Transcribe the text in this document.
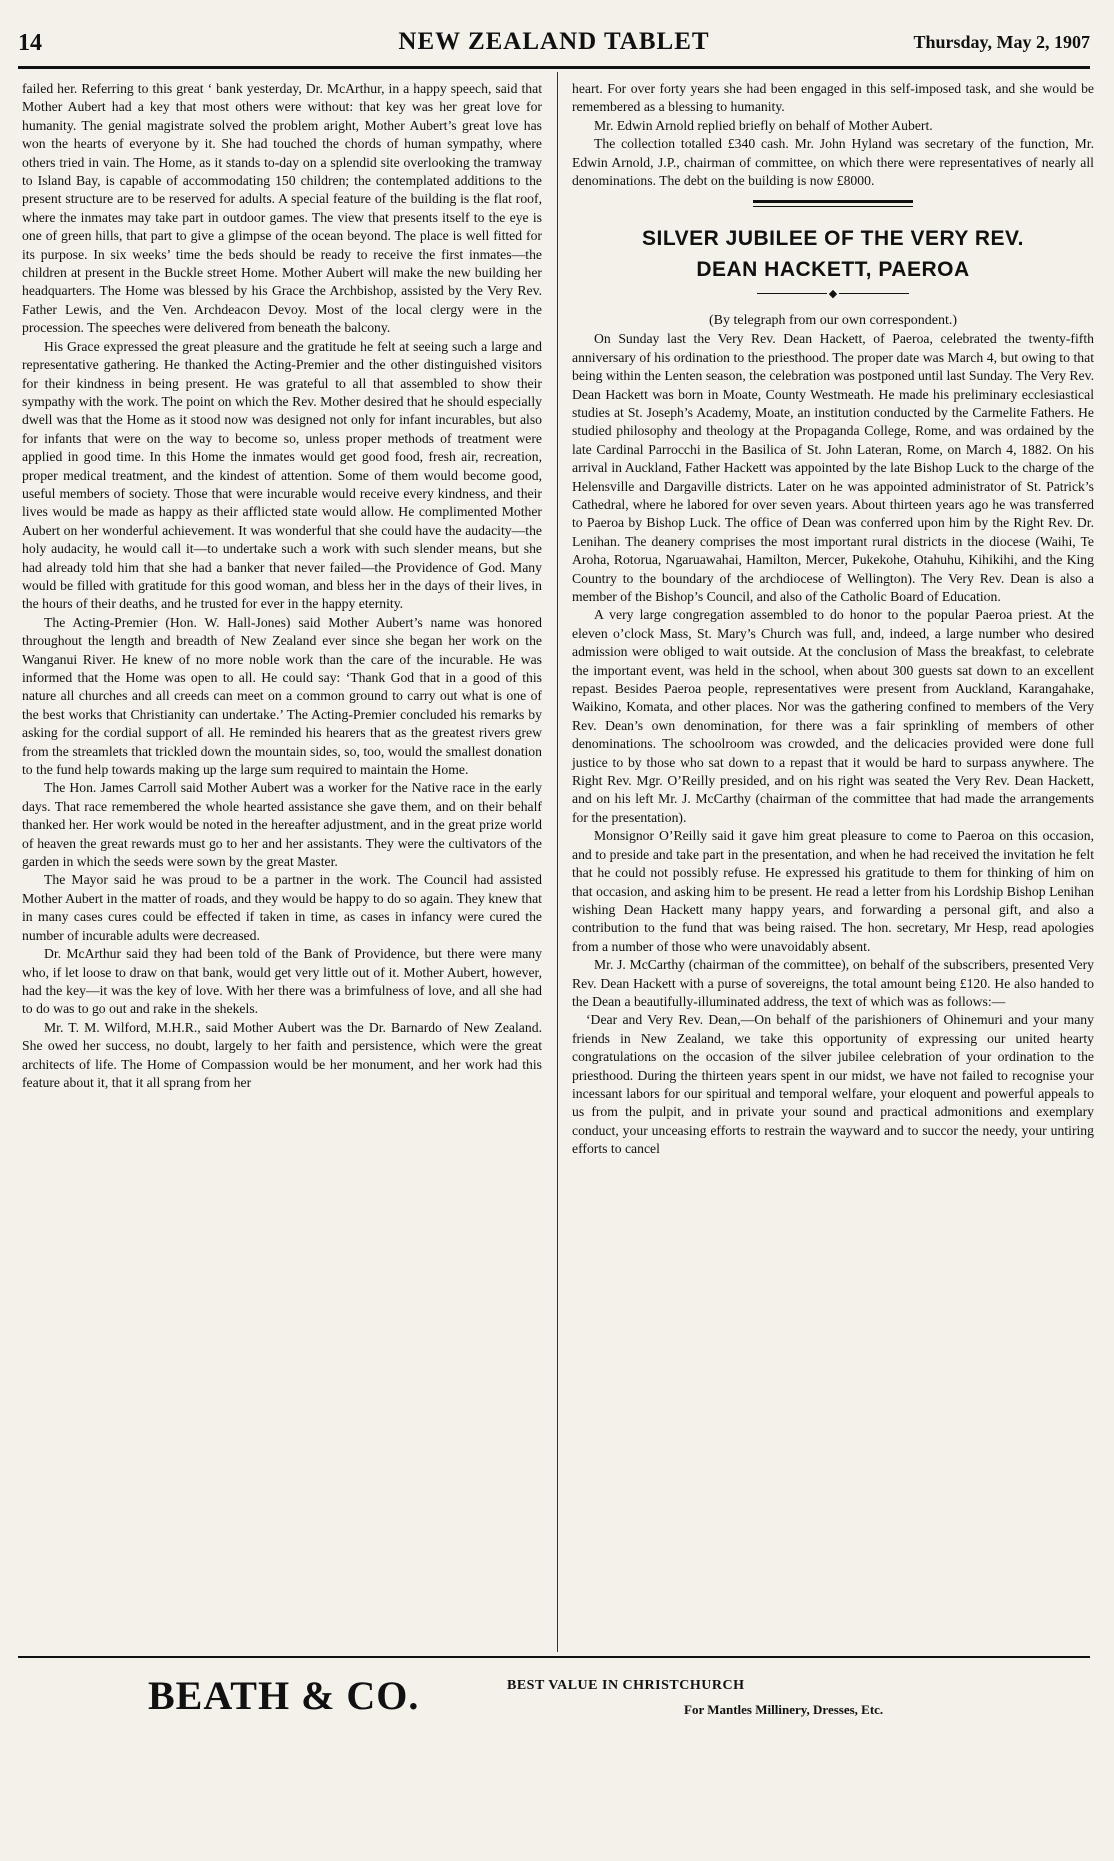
14	NEW ZEALAND TABLET	Thursday, May 2, 1907

failed her. Referring to this great ‘ bank yesterday, Dr. McArthur, in a happy speech, said that Mother Aubert had a key that most others were without: that key was her great love for humanity. The genial magistrate solved the problem aright, Mother Aubert’s great love has won the hearts of everyone by it. She had touched the chords of human sympathy, where others tried in vain. The Home, as it stands to-day on a splendid site overlooking the tramway to Island Bay, is capable of accommodating 150 children; the contemplated additions to the present structure are to be reserved for adults. A special feature of the building is the flat roof, where the inmates may take part in outdoor games. The view that presents itself to the eye is one of green hills, that part to give a glimpse of the ocean beyond. The place is well fitted for its purpose. In six weeks’ time the beds should be ready to receive the first inmates—the children at present in the Buckle street Home. Mother Aubert will make the new building her headquarters. The Home was blessed by his Grace the Archbishop, assisted by the Very Rev. Father Lewis, and the Ven. Archdeacon Devoy. Most of the local clergy were in the procession. The speeches were delivered from beneath the balcony.

His Grace expressed the great pleasure and the gratitude he felt at seeing such a large and representative gathering. He thanked the Acting-Premier and the other distinguished visitors for their kindness in being present. He was grateful to all that assembled to show their sympathy with the work. The point on which the Rev. Mother desired that he should especially dwell was that the Home as it stood now was designed not only for infant incurables, but also for infants that were on the way to become so, unless proper methods of treatment were applied in good time. In this Home the inmates would get good food, fresh air, recreation, proper medical treatment, and the kindest of attention. Some of them would become good, useful members of society. Those that were incurable would receive every kindness, and their lives would be made as happy as their afflicted state would allow. He complimented Mother Aubert on her wonderful achievement. It was wonderful that she could have the audacity—the holy audacity, he would call it—to undertake such a work with such slender means, but she had already told him that she had a banker that never failed—the Providence of God. Many would be filled with gratitude for this good woman, and bless her in the days of their lives, in the hours of their deaths, and he trusted for ever in the happy eternity.

The Acting-Premier (Hon. W. Hall-Jones) said Mother Aubert’s name was honored throughout the length and breadth of New Zealand ever since she began her work on the Wanganui River. He knew of no more noble work than the care of the incurable. He was informed that the Home was open to all. He could say: ‘Thank God that in a good of this nature all churches and all creeds can meet on a common ground to carry out what is one of the best works that Christianity can undertake.’ The Acting-Premier concluded his remarks by asking for the cordial support of all. He reminded his hearers that as the greatest rivers grew from the streamlets that trickled down the mountain sides, so, too, would the smallest donation to the fund help towards making up the large sum required to maintain the Home.

The Hon. James Carroll said Mother Aubert was a worker for the Native race in the early days. That race remembered the whole hearted assistance she gave them, and on their behalf thanked her. Her work would be noted in the hereafter adjustment, and in the great prize world of heaven the great rewards must go to her and her assistants. They were the cultivators of the garden in which the seeds were sown by the great Master.

The Mayor said he was proud to be a partner in the work. The Council had assisted Mother Aubert in the matter of roads, and they would be happy to do so again. They knew that in many cases cures could be effected if taken in time, as cases in infancy were cured the number of incurable adults were decreased.

Dr. McArthur said they had been told of the Bank of Providence, but there were many who, if let loose to draw on that bank, would get very little out of it. Mother Aubert, however, had the key—it was the key of love. With her there was a brimfulness of love, and all she had to do was to go out and rake in the shekels.

Mr. T. M. Wilford, M.H.R., said Mother Aubert was the Dr. Barnardo of New Zealand. She owed her success, no doubt, largely to her faith and persistence, which were the great architects of life. The Home of Compassion would be her monument, and her work had this feature about it, that it all sprang from her

heart. For over forty years she had been engaged in this self-imposed task, and she would be remembered as a blessing to humanity.

Mr. Edwin Arnold replied briefly on behalf of Mother Aubert.

The collection totalled £340 cash. Mr. John Hyland was secretary of the function, Mr. Edwin Arnold, J.P., chairman of committee, on which there were representatives of nearly all denominations. The debt on the building is now £8000.

SILVER JUBILEE OF THE VERY REV.
DEAN HACKETT, PAEROA
◆

(By telegraph from our own correspondent.)

On Sunday last the Very Rev. Dean Hackett, of Paeroa, celebrated the twenty-fifth anniversary of his ordination to the priesthood. The proper date was March 4, but owing to that being within the Lenten season, the celebration was postponed until last Sunday. The Very Rev. Dean Hackett was born in Moate, County Westmeath. He made his preliminary ecclesiastical studies at St. Joseph’s Academy, Moate, an institution conducted by the Carmelite Fathers. He studied philosophy and theology at the Propaganda College, Rome, and was ordained by the late Cardinal Parrocchi in the Basilica of St. John Lateran, Rome, on March 4, 1882. On his arrival in Auckland, Father Hackett was appointed by the late Bishop Luck to the charge of the Helensville and Dargaville districts. Later on he was appointed administrator of St. Patrick’s Cathedral, where he labored for over seven years. About thirteen years ago he was transferred to Paeroa by Bishop Luck. The office of Dean was conferred upon him by the Right Rev. Dr. Lenihan. The deanery comprises the most important rural districts in the diocese (Waihi, Te Aroha, Rotorua, Ngaruawahai, Hamilton, Mercer, Pukekohe, Otahuhu, Kihikihi, and the King Country to the boundary of the archdiocese of Wellington). The Very Rev. Dean is also a member of the Bishop’s Council, and also of the Catholic Board of Education.

A very large congregation assembled to do honor to the popular Paeroa priest. At the eleven o’clock Mass, St. Mary’s Church was full, and, indeed, a large number who desired admission were obliged to wait outside. At the conclusion of Mass the breakfast, to celebrate the important event, was held in the school, when about 300 guests sat down to an excellent repast. Besides Paeroa people, representatives were present from Auckland, Karangahake, Waikino, Komata, and other places. Nor was the gathering confined to members of the Very Rev. Dean’s own denomination, for there was a fair sprinkling of members of other denominations. The schoolroom was crowded, and the delicacies provided were done full justice to by those who sat down to a repast that it would be hard to surpass anywhere. The Right Rev. Mgr. O’Reilly presided, and on his right was seated the Very Rev. Dean Hackett, and on his left Mr. J. McCarthy (chairman of the committee that had made the arrangements for the presentation).

Monsignor O’Reilly said it gave him great pleasure to come to Paeroa on this occasion, and to preside and take part in the presentation, and when he had received the invitation he felt that he could not possibly refuse. He expressed his gratitude to them for thinking of him on that occasion, and asking him to be present. He read a letter from his Lordship Bishop Lenihan wishing Dean Hackett many happy years, and forwarding a personal gift, and also a contribution to the fund that was being raised. The hon. secretary, Mr Hesp, read apologies from a number of those who were unavoidably absent.

Mr. J. McCarthy (chairman of the committee), on behalf of the subscribers, presented Very Rev. Dean Hackett with a purse of sovereigns, the total amount being £120. He also handed to the Dean a beautifully-illuminated address, the text of which was as follows:—

‘Dear and Very Rev. Dean,—On behalf of the parishioners of Ohinemuri and your many friends in New Zealand, we take this opportunity of expressing our united hearty congratulations on the occasion of the silver jubilee celebration of your ordination to the priesthood. During the thirteen years spent in our midst, we have not failed to recognise your incessant labors for our spiritual and temporal welfare, your eloquent and powerful appeals to us from the pulpit, and in private your sound and practical admonitions and exemplary conduct, your unceasing efforts to restrain the wayward and to succor the needy, your untiring efforts to cancel

BEATH & CO.	BEST VALUE IN CHRISTCHURCH
For Mantles Millinery, Dresses, Etc.
